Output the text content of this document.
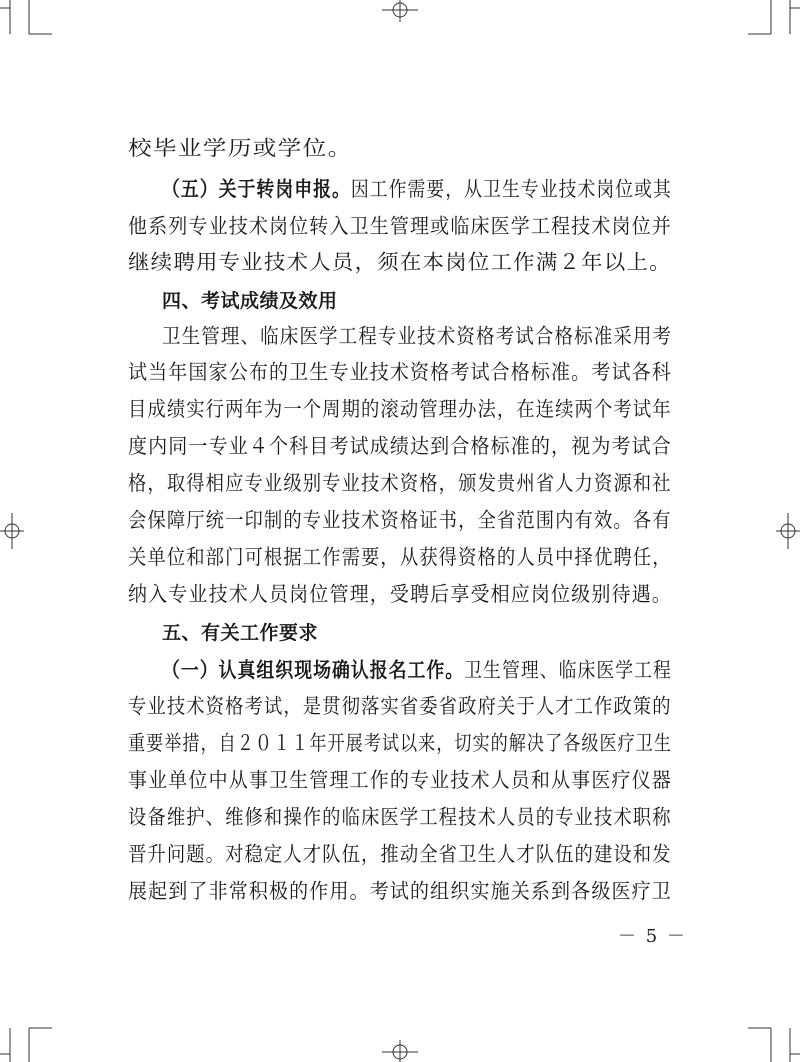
校毕业学历或学位。
（五）关于转岗申报。因工作需要，从卫生专业技术岗位或其
他系列专业技术岗位转入卫生管理或临床医学工程技术岗位并
继续聘用专业技术人员，须在本岗位工作满２年以上。
四、考试成绩及效用
卫生管理、临床医学工程专业技术资格考试合格标准采用考
试当年国家公布的卫生专业技术资格考试合格标准。考试各科
目成绩实行两年为一个周期的滚动管理办法，在连续两个考试年
度内同一专业４个科目考试成绩达到合格标准的，视为考试合
格，取得相应专业级别专业技术资格，颁发贵州省人力资源和社
会保障厅统一印制的专业技术资格证书，全省范围内有效。各有
关单位和部门可根据工作需要，从获得资格的人员中择优聘任，
纳入专业技术人员岗位管理，受聘后享受相应岗位级别待遇。
五、有关工作要求
（一）认真组织现场确认报名工作。卫生管理、临床医学工程
专业技术资格考试，是贯彻落实省委省政府关于人才工作政策的
重要举措，自２０１１年开展考试以来，切实的解决了各级医疗卫生
事业单位中从事卫生管理工作的专业技术人员和从事医疗仪器
设备维护、维修和操作的临床医学工程技术人员的专业技术职称
晋升问题。对稳定人才队伍，推动全省卫生人才队伍的建设和发
展起到了非常积极的作用。考试的组织实施关系到各级医疗卫
－ 5 －
